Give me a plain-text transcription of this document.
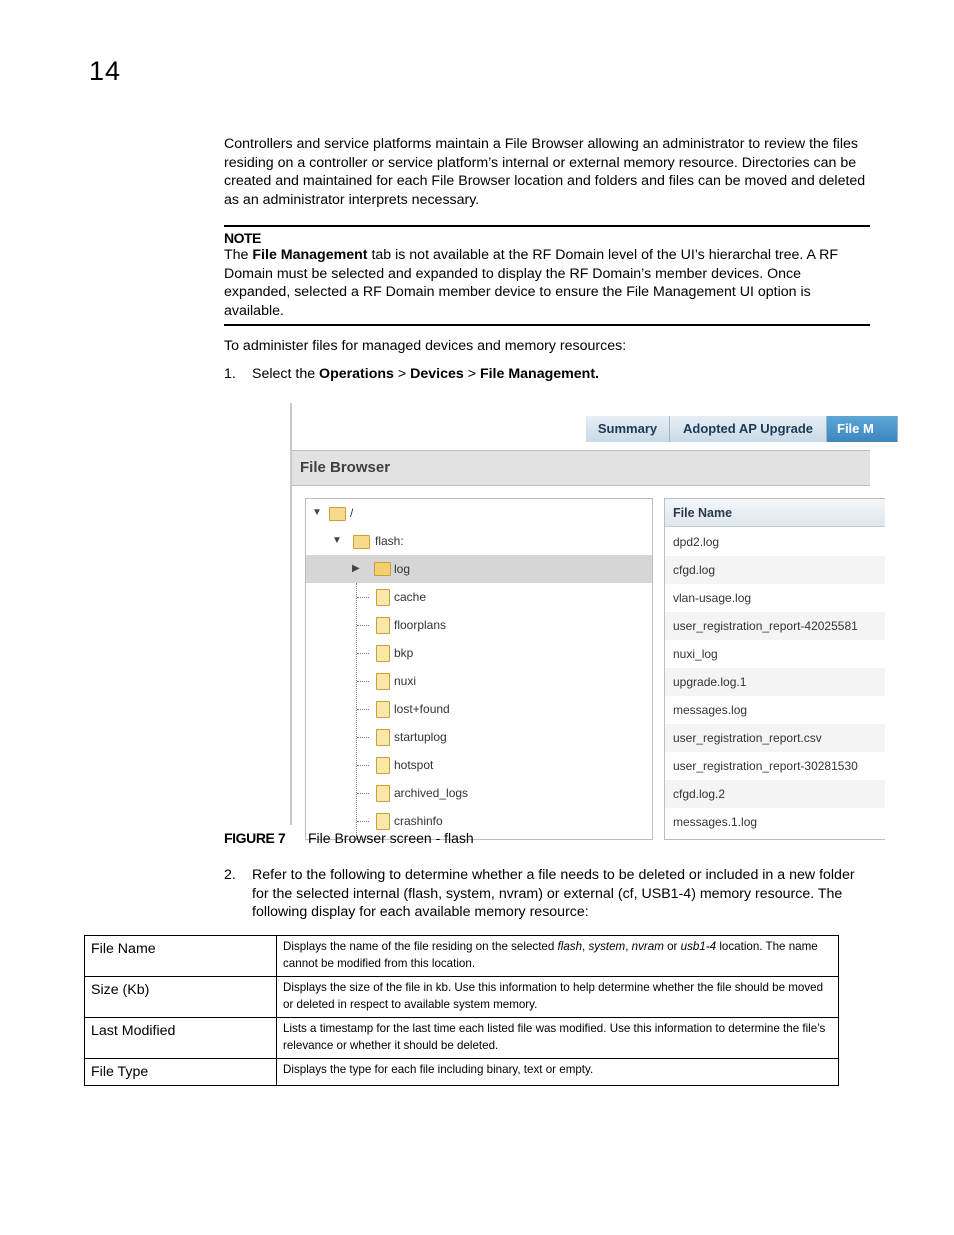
14

Controllers and service platforms maintain a File Browser allowing an administrator to review the files residing on a controller or service platform’s internal or external memory resource. Directories can be created and maintained for each File Browser location and folders and files can be moved and deleted as an administrator interprets necessary.

NOTE

The File Management tab is not available at the RF Domain level of the UI’s hierarchal tree. A RF Domain must be selected and expanded to display the RF Domain’s member devices. Once expanded, selected a RF Domain member device to ensure the File Management UI option is available.

To administer files for managed devices and memory resources:

1. Select the Operations > Devices > File Management.
Summary	Adopted AP Upgrade	File M
File Browser
▼ /
▼	flash:
▶	log
cache
floorplans
bkp
nuxi
lost+found
startuplog
hotspot
archived_logs
crashinfo
File Name
dpd2.log
cfgd.log
vlan-usage.log
user_registration_report-42025581
nuxi_log
upgrade.log.1
messages.log
user_registration_report.csv
user_registration_report-30281530
cfgd.log.2
messages.1.log
FIGURE 7 File Browser screen - flash
2. Refer to the following to determine whether a file needs to be deleted or included in a new folder for the selected internal (flash, system, nvram) or external (cf, USB1-4) memory resource. The following display for each available memory resource:
File Name	Displays the name of the file residing on the selected flash, system, nvram or usb1-4 location. The name cannot be modified from this location.
Size (Kb)	Displays the size of the file in kb. Use this information to help determine whether the file should be moved or deleted in respect to available system memory.
Last Modified	Lists a timestamp for the last time each listed file was modified. Use this information to determine the file’s relevance or whether it should be deleted.
File Type	Displays the type for each file including binary, text or empty.
